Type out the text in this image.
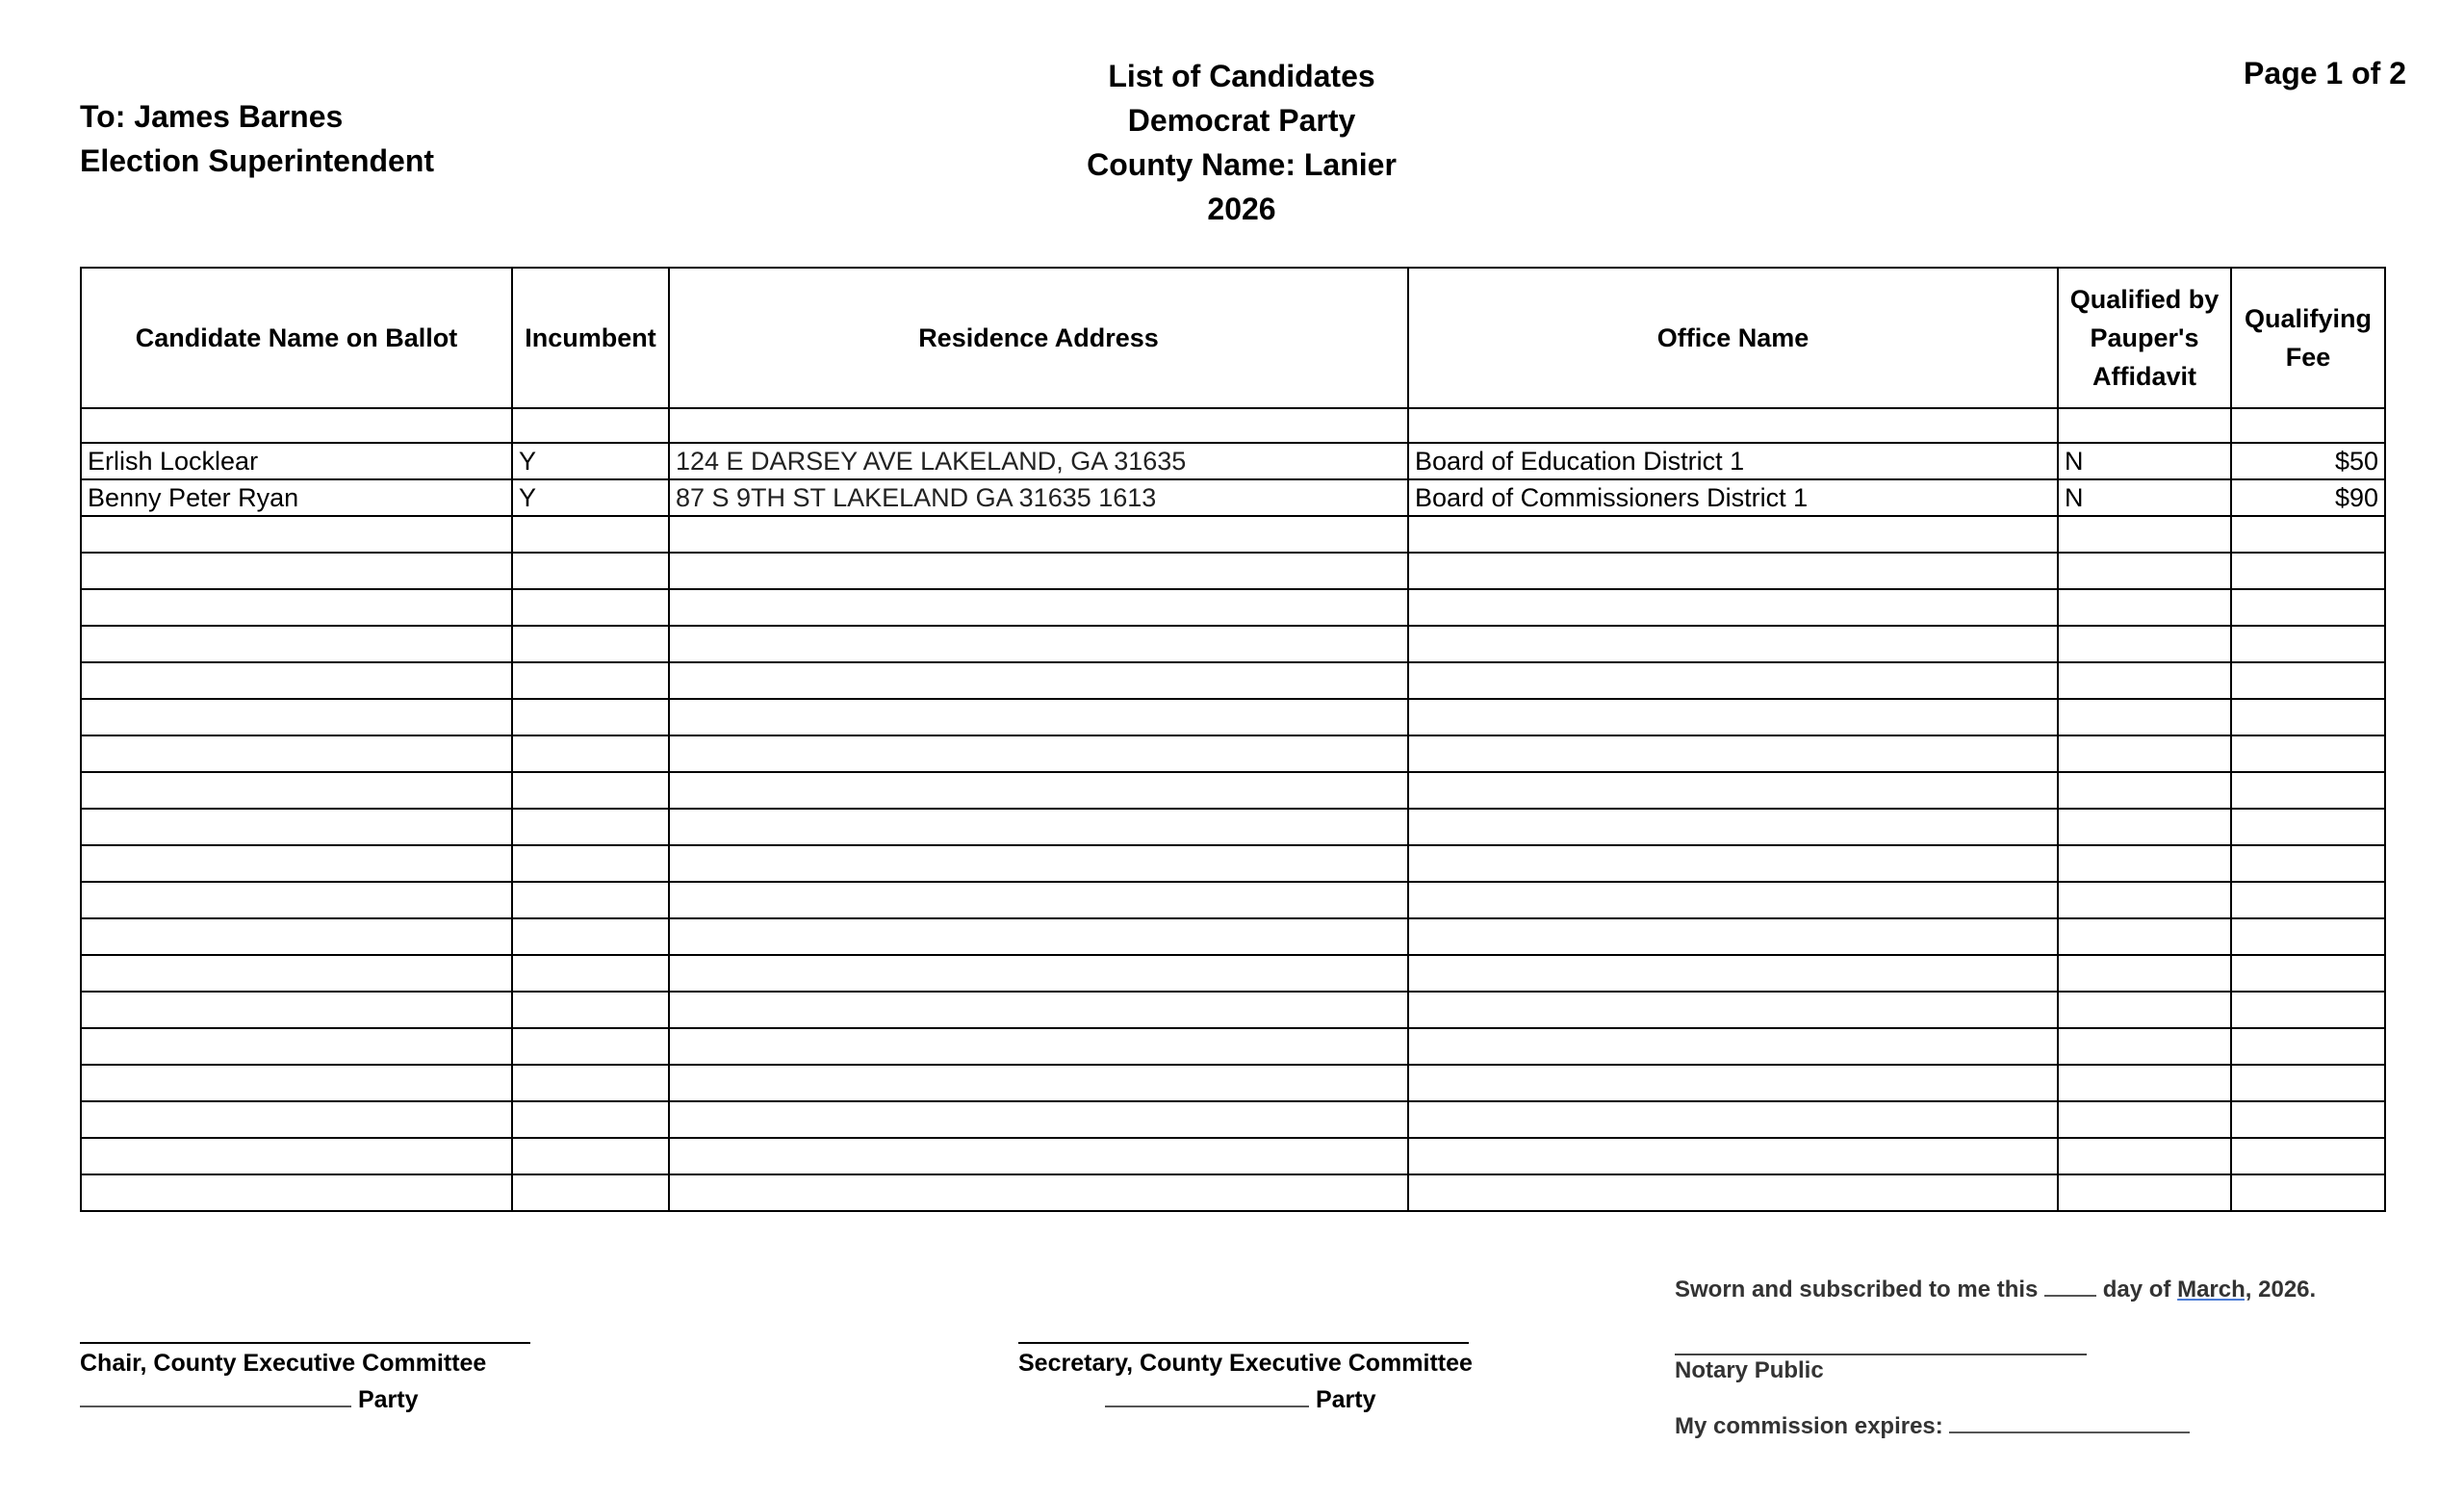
To: James Barnes
Election Superintendent
List of Candidates
Democrat Party
County Name: Lanier
2026
Page 1 of 2
Candidate Name on Ballot	Incumbent	Residence Address	Office Name	Qualified by Pauper's Affidavit	Qualifying Fee

Erlish Locklear	Y	124 E DARSEY AVE LAKELAND, GA 31635	Board of Education District 1	N	$50
Benny Peter Ryan	Y	87 S 9TH ST LAKELAND GA 31635 1613	Board of Commissioners District 1	N	$90

Chair, County Executive Committee
Party
Secretary, County Executive Committee
Party
Sworn and subscribed to me this	day of March, 2026.
Notary Public
My commission expires:
